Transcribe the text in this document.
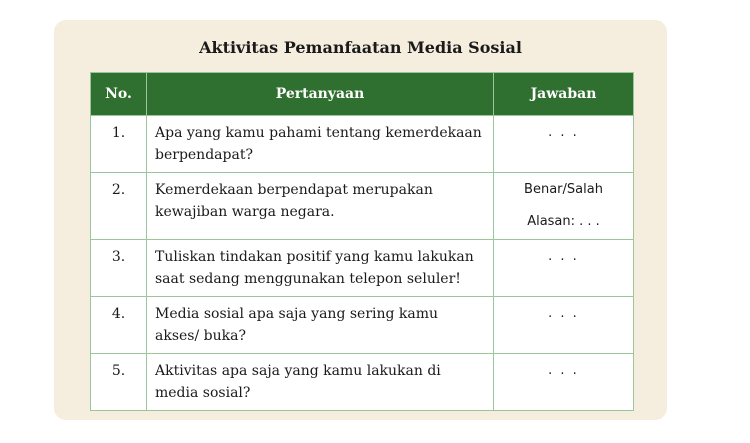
Aktivitas Pemanfaatan Media Sosial
No.	Pertanyaan	Jawaban
1.	Apa yang kamu pahami tentang kemerdekaan berpendapat?	. . .
2.	Kemerdekaan berpendapat merupakan kewajiban warga negara.	Benar/Salah
Alasan: . . .

3.	Tuliskan tindakan positif yang kamu lakukan saat sedang menggunakan telepon seluler!	. . .
4.	Media sosial apa saja yang sering kamu akses/ buka?	. . .
5.	Aktivitas apa saja yang kamu lakukan di media sosial?	. . .
